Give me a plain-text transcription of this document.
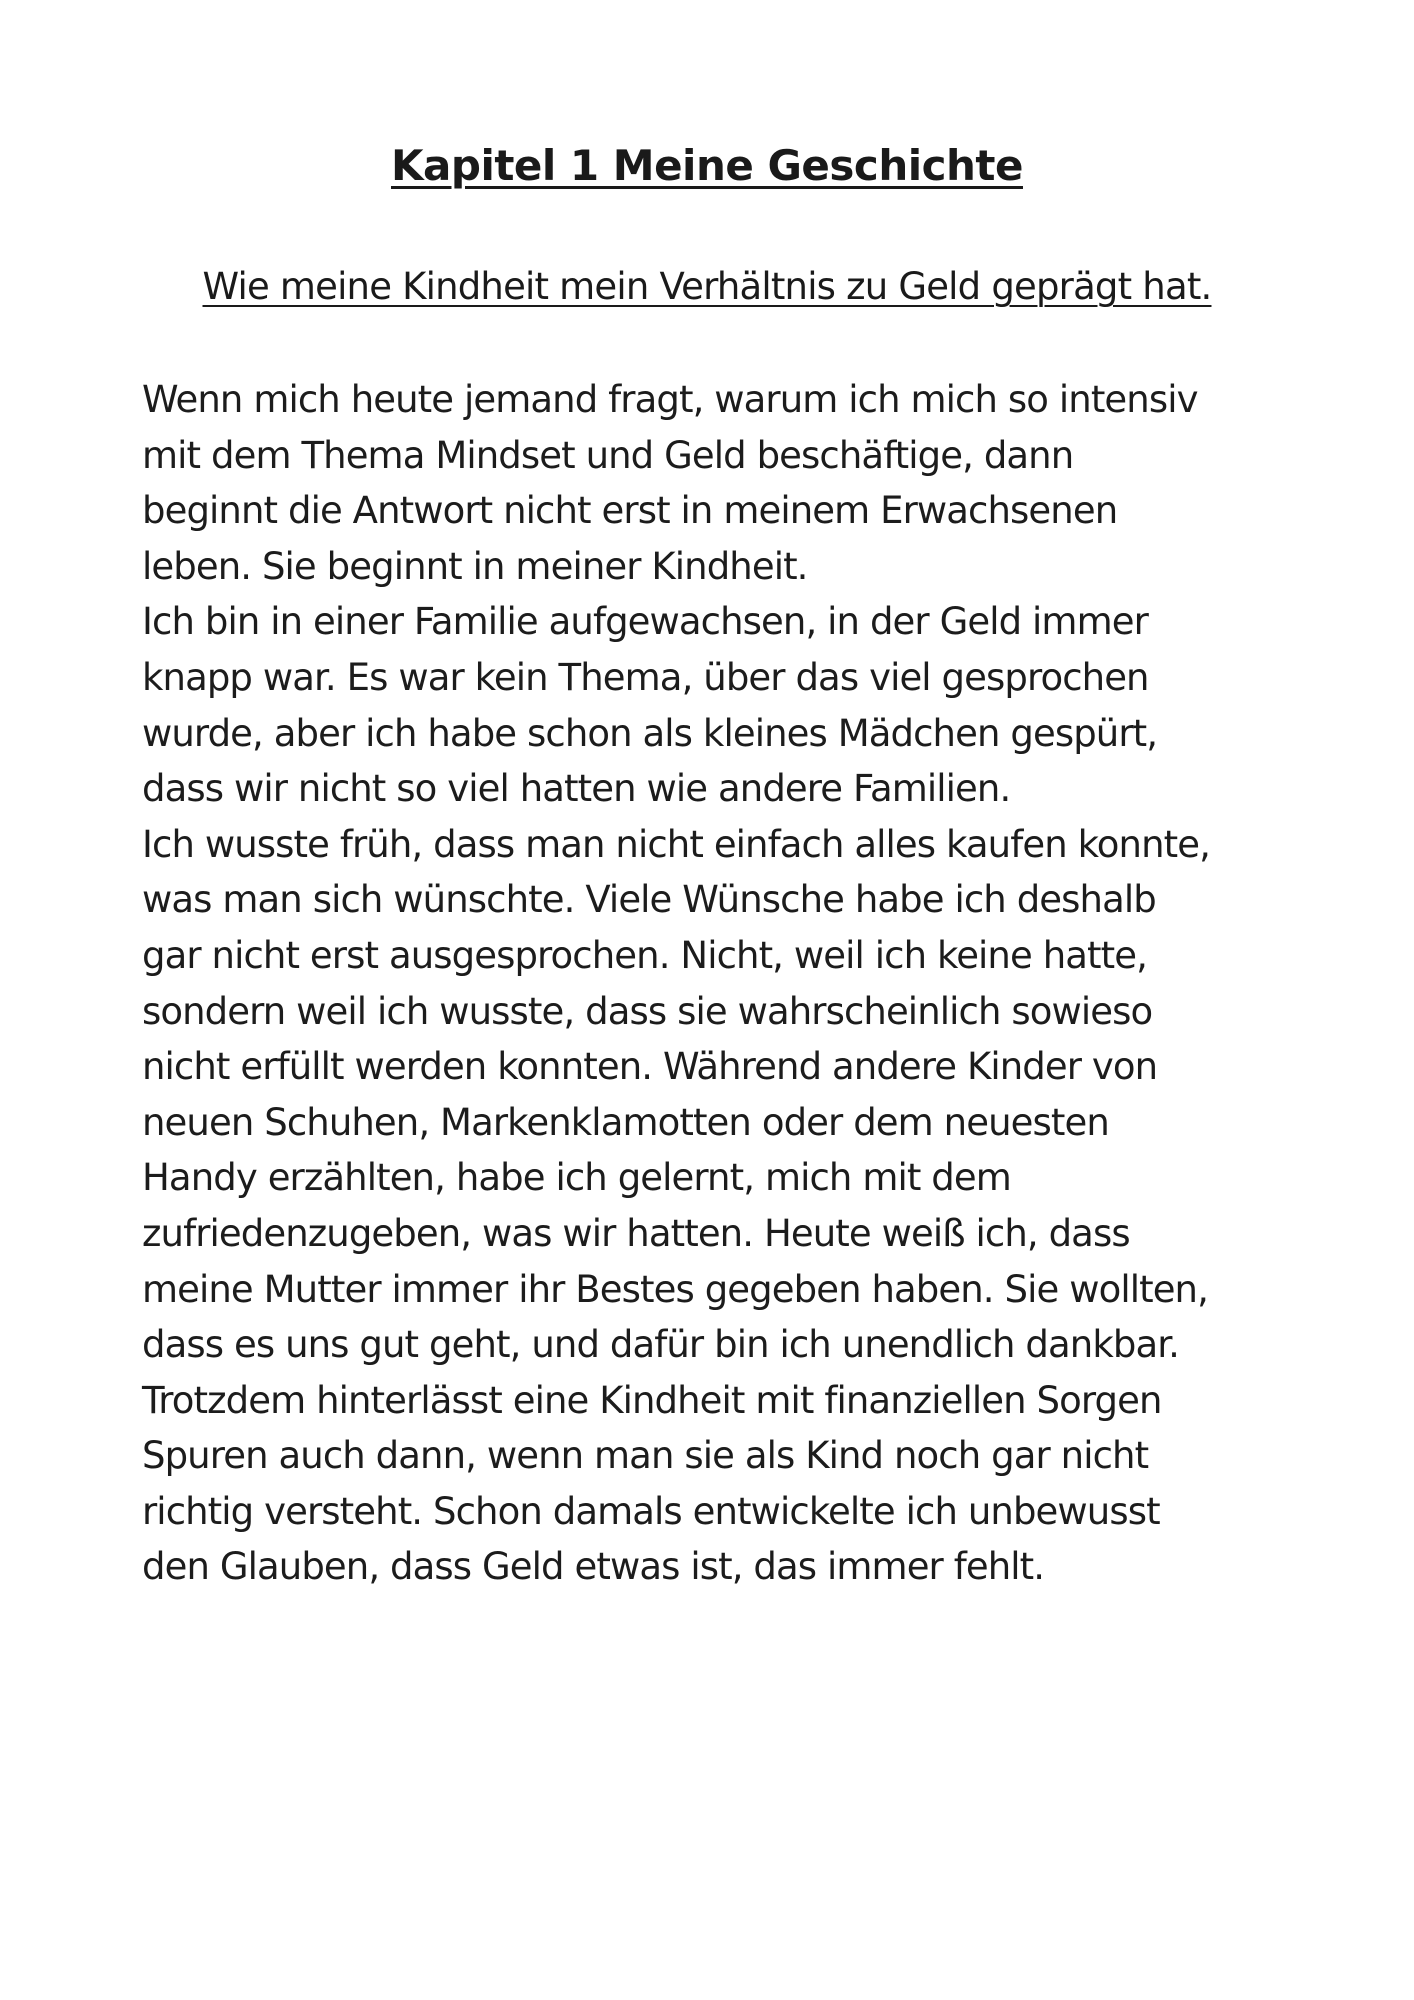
Kapitel 1 Meine Geschichte
Wie meine Kindheit mein Verhältnis zu Geld geprägt hat.
Wenn mich heute jemand fragt, warum ich mich so intensiv
mit dem Thema Mindset und Geld beschäftige, dann
beginnt die Antwort nicht erst in meinem Erwachsenen
leben. Sie beginnt in meiner Kindheit.
Ich bin in einer Familie aufgewachsen, in der Geld immer
knapp war. Es war kein Thema, über das viel gesprochen
wurde, aber ich habe schon als kleines Mädchen gespürt,
dass wir nicht so viel hatten wie andere Familien.
Ich wusste früh, dass man nicht einfach alles kaufen konnte,
was man sich wünschte. Viele Wünsche habe ich deshalb
gar nicht erst ausgesprochen. Nicht, weil ich keine hatte,
sondern weil ich wusste, dass sie wahrscheinlich sowieso
nicht erfüllt werden konnten. Während andere Kinder von
neuen Schuhen, Markenklamotten oder dem neuesten
Handy erzählten, habe ich gelernt, mich mit dem
zufriedenzugeben, was wir hatten. Heute weiß ich, dass
meine Mutter immer ihr Bestes gegeben haben. Sie wollten,
dass es uns gut geht, und dafür bin ich unendlich dankbar.
Trotzdem hinterlässt eine Kindheit mit finanziellen Sorgen
Spuren auch dann, wenn man sie als Kind noch gar nicht
richtig versteht. Schon damals entwickelte ich unbewusst
den Glauben, dass Geld etwas ist, das immer fehlt.
